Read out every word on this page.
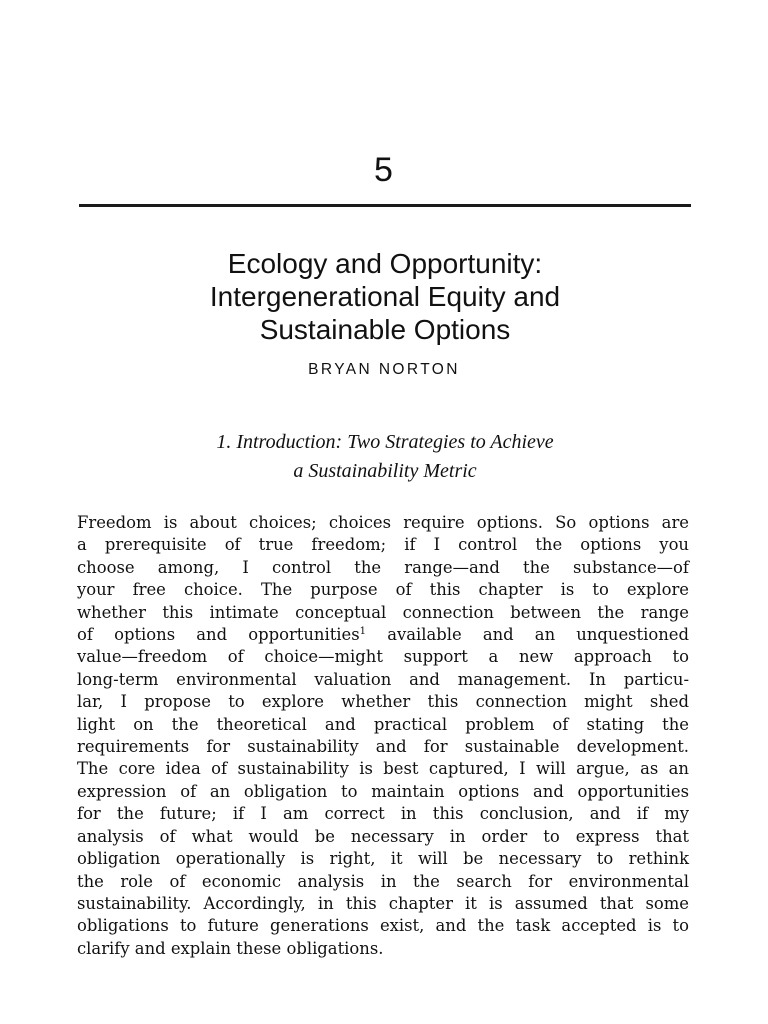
5
Ecology and Opportunity:
Intergenerational Equity and
Sustainable Options
BRYAN NORTON
1. Introduction: Two Strategies to Achieve
a Sustainability Metric
Freedom is about choices; choices require options. So options are
a prerequisite of true freedom; if I control the options you
choose among, I control the range—and the substance—of
your free choice. The purpose of this chapter is to explore
whether this intimate conceptual connection between the range
of options and opportunities$^1$ available and an unquestioned
value—freedom of choice—might support a new approach to
long-term environmental valuation and management. In particu-
lar, I propose to explore whether this connection might shed
light on the theoretical and practical problem of stating the
requirements for sustainability and for sustainable development.
The core idea of sustainability is best captured, I will argue, as an
expression of an obligation to maintain options and opportunities
for the future; if I am correct in this conclusion, and if my
analysis of what would be necessary in order to express that
obligation operationally is right, it will be necessary to rethink
the role of economic analysis in the search for environmental
sustainability. Accordingly, in this chapter it is assumed that some
obligations to future generations exist, and the task accepted is to
clarify and explain these obligations.
